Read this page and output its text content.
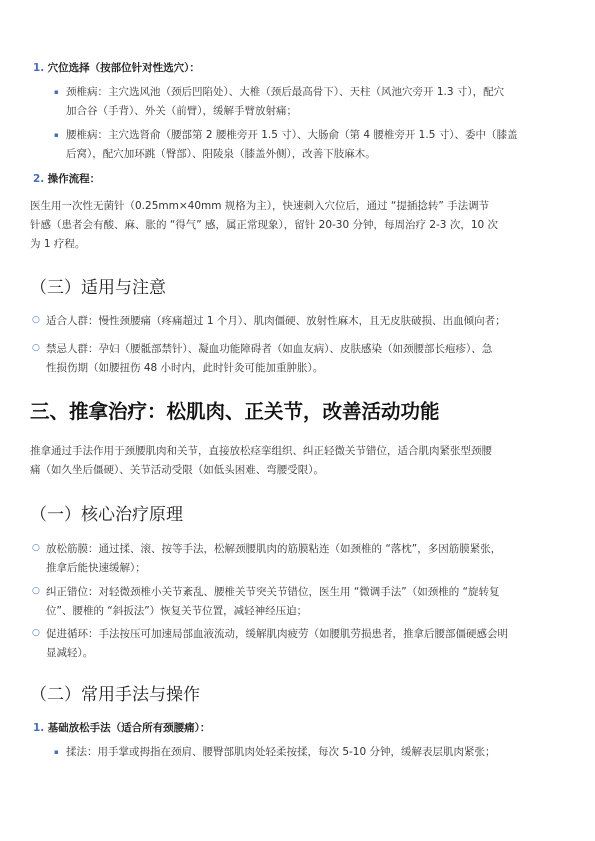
1. 穴位选择（按部位针对性选穴）：
▪ 颈椎病：主穴选风池（颈后凹陷处）、大椎（颈后最高骨下）、天柱（风池穴旁开 1.3 寸），配穴
加合谷（手背）、外关（前臂），缓解手臂放射痛；
▪ 腰椎病：主穴选肾俞（腰部第 2 腰椎旁开 1.5 寸）、大肠俞（第 4 腰椎旁开 1.5 寸）、委中（膝盖
后窝），配穴加环跳（臀部）、阳陵泉（膝盖外侧），改善下肢麻木。
2. 操作流程：
医生用一次性无菌针（0.25mm×40mm 规格为主），快速刺入穴位后，通过 “提插捻转” 手法调节
针感（患者会有酸、麻、胀的 “得气” 感，属正常现象），留针 20-30 分钟，每周治疗 2-3 次，10 次
为 1 疗程。
（三）适用与注意
○ 适合人群：慢性颈腰痛（疼痛超过 1 个月）、肌肉僵硬、放射性麻木，且无皮肤破损、出血倾向者；
○ 禁忌人群：孕妇（腰骶部禁针）、凝血功能障碍者（如血友病）、皮肤感染（如颈腰部长疱疹）、急
性损伤期（如腰扭伤 48 小时内，此时针灸可能加重肿胀）。
三、推拿治疗：松肌肉、正关节，改善活动功能
推拿通过手法作用于颈腰肌肉和关节，直接放松痉挛组织、纠正轻微关节错位，适合肌肉紧张型颈腰
痛（如久坐后僵硬）、关节活动受限（如低头困难、弯腰受限）。
（一）核心治疗原理
○ 放松筋膜：通过揉、滚、按等手法，松解颈腰肌肉的筋膜粘连（如颈椎的 “落枕”，多因筋膜紧张，
推拿后能快速缓解）；
○ 纠正错位：对轻微颈椎小关节紊乱、腰椎关节突关节错位，医生用 “微调手法”（如颈椎的 “旋转复
位”、腰椎的 “斜扳法”）恢复关节位置，减轻神经压迫；
○ 促进循环：手法按压可加速局部血液流动，缓解肌肉疲劳（如腰肌劳损患者，推拿后腰部僵硬感会明
显减轻）。
（二）常用手法与操作
1. 基础放松手法（适合所有颈腰痛）：
▪ 揉法：用手掌或拇指在颈肩、腰臀部肌肉处轻柔按揉，每次 5-10 分钟，缓解表层肌肉紧张；
